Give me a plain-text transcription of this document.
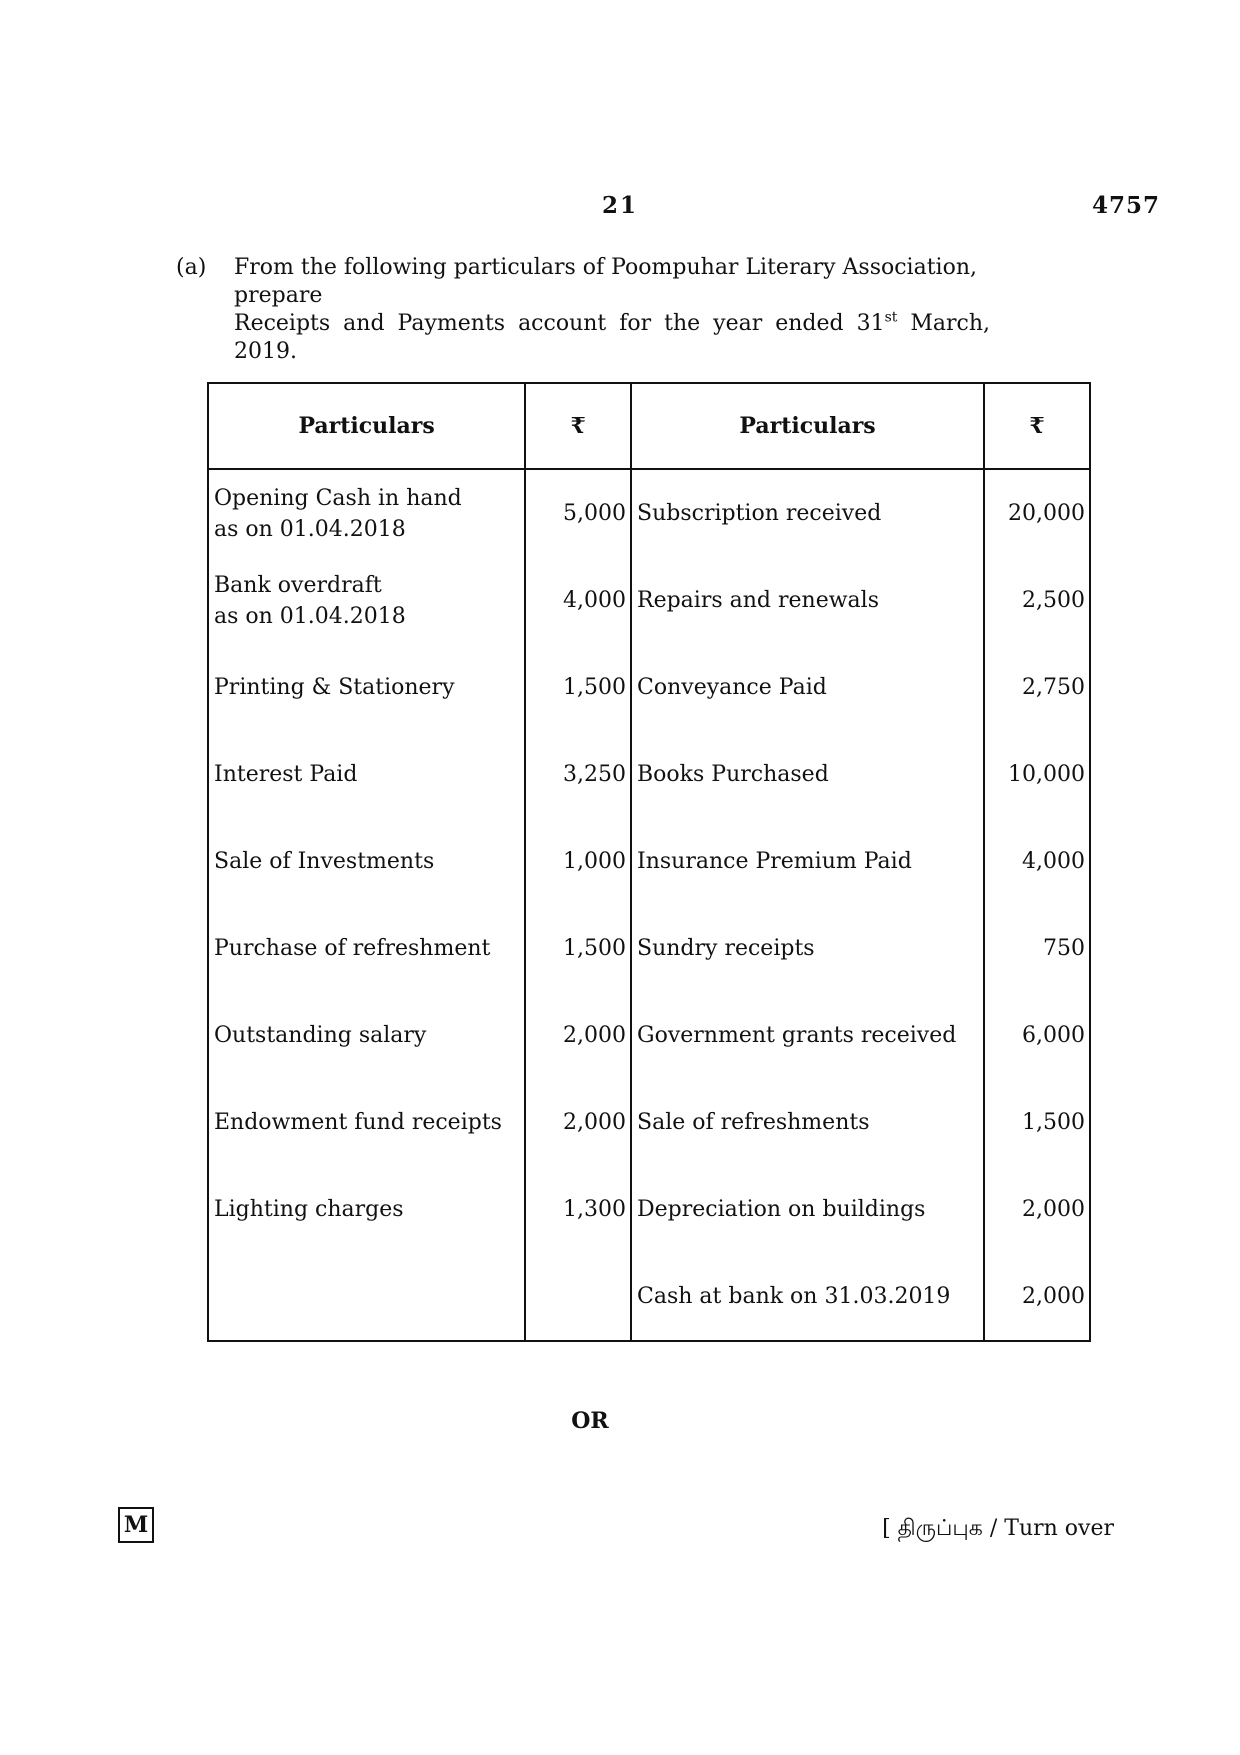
21	4757
(a) From the following particulars of Poompuhar Literary Association, prepare
Receipts and Payments account for the year ended 31st March, 2019.
Particulars	₹	Particulars	₹

Opening Cash in hand
as on 01.04.2018	5,000	Subscription received	20,000

Bank overdraft
as on 01.04.2018	4,000	Repairs and renewals	2,500

Printing & Stationery	1,500	Conveyance Paid	2,750

Interest Paid	3,250	Books Purchased	10,000

Sale of Investments	1,000	Insurance Premium Paid	4,000

Purchase of refreshment	1,500	Sundry receipts	750

Outstanding salary	2,000	Government grants received	6,000

Endowment fund receipts	2,000	Sale of refreshments	1,500

Lighting charges	1,300	Depreciation on buildings	2,000

		Cash at bank on 31.03.2019	2,000
OR
M	[ திருப்புக / Turn over
